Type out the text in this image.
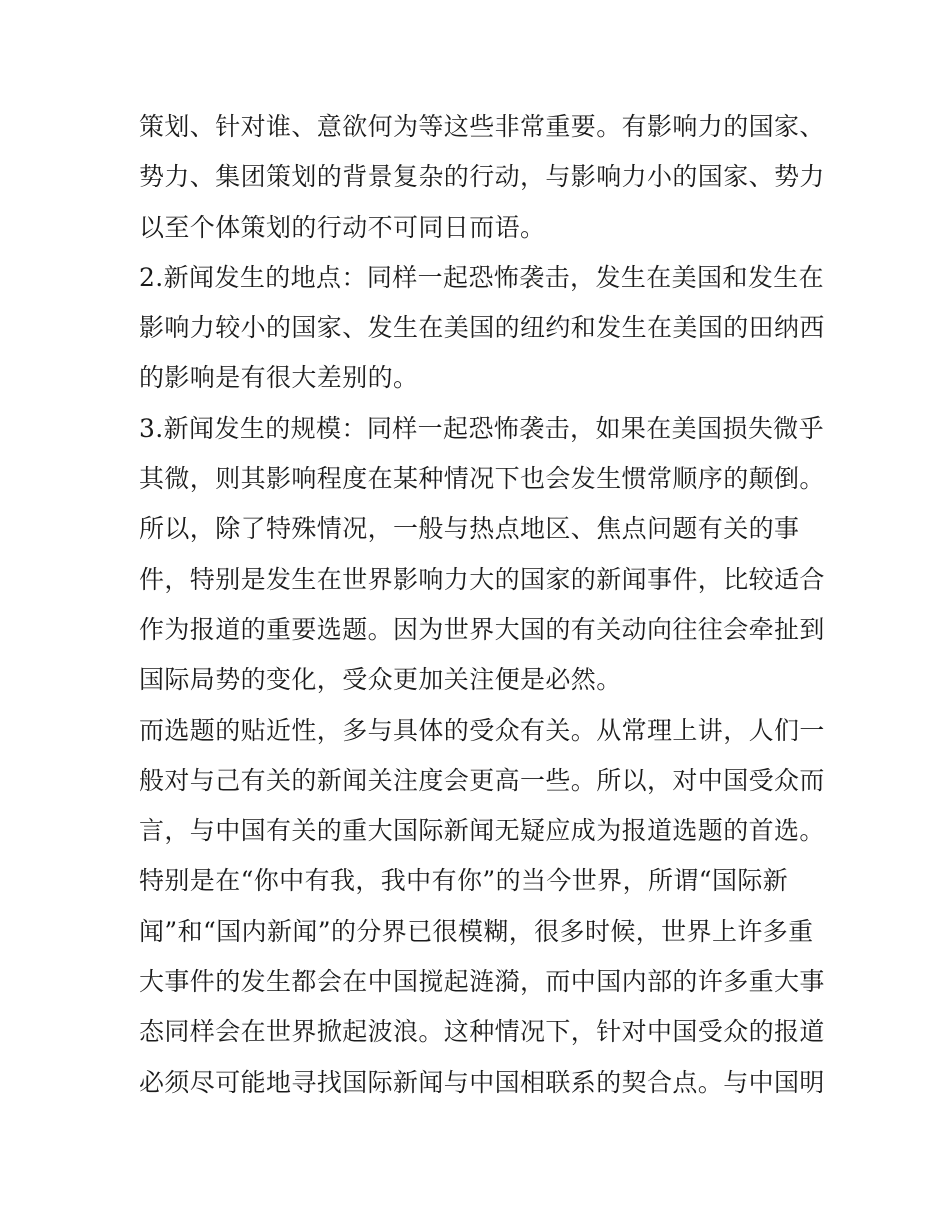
策划、针对谁、意欲何为等这些非常重要。有影响力的国家、
势力、集团策划的背景复杂的行动，与影响力小的国家、势力
以至个体策划的行动不可同日而语。
2.新闻发生的地点：同样一起恐怖袭击，发生在美国和发生在
影响力较小的国家、发生在美国的纽约和发生在美国的田纳西
的影响是有很大差别的。
3.新闻发生的规模：同样一起恐怖袭击，如果在美国损失微乎
其微，则其影响程度在某种情况下也会发生惯常顺序的颠倒。
所以，除了特殊情况，一般与热点地区、焦点问题有关的事
件，特别是发生在世界影响力大的国家的新闻事件，比较适合
作为报道的重要选题。因为世界大国的有关动向往往会牵扯到
国际局势的变化，受众更加关注便是必然。
而选题的贴近性，多与具体的受众有关。从常理上讲，人们一
般对与己有关的新闻关注度会更高一些。所以，对中国受众而
言，与中国有关的重大国际新闻无疑应成为报道选题的首选。
特别是在“你中有我，我中有你”的当今世界，所谓“国际新
闻”和“国内新闻”的分界已很模糊，很多时候，世界上许多重
大事件的发生都会在中国搅起涟漪，而中国内部的许多重大事
态同样会在世界掀起波浪。这种情况下，针对中国受众的报道
必须尽可能地寻找国际新闻与中国相联系的契合点。与中国明
